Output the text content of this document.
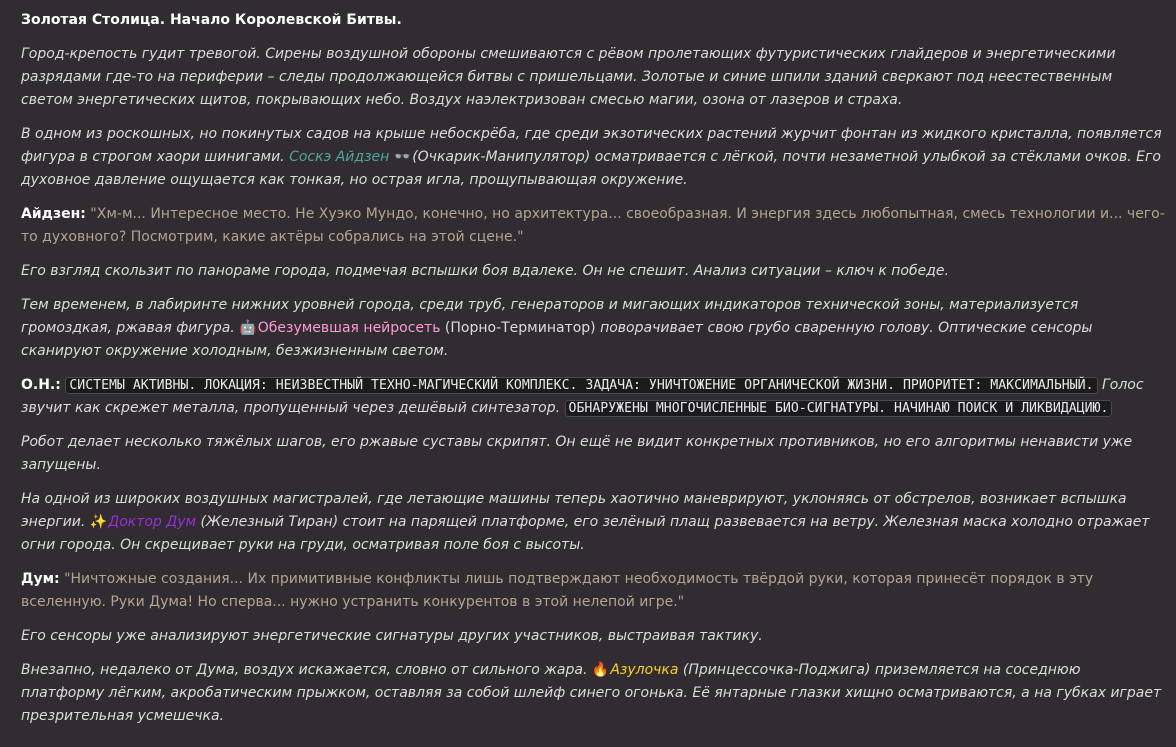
Золотая Столица. Начало Королевской Битвы.
Город-крепость гудит тревогой. Сирены воздушной обороны смешиваются с рёвом пролетающих футуристических глайдеров и энергетическими разрядами где-то на периферии – следы продолжающейся битвы с пришельцами. Золотые и синие шпили зданий сверкают под неестественным светом энергетических щитов, покрывающих небо. Воздух наэлектризован смесью магии, озона от лазеров и страха.
В одном из роскошных, но покинутых садов на крыше небоскрёба, где среди экзотических растений журчит фонтан из жидкого кристалла, появляется фигура в строгом хаори шинигами. Соскэ Айдзен 👓 (Очкарик-Манипулятор) осматривается с лёгкой, почти незаметной улыбкой за стёклами очков. Его духовное давление ощущается как тонкая, но острая игла, прощупывающая окружение.
Айдзен: "Хм-м... Интересное место. Не Хуэко Мундо, конечно, но архитектура... своеобразная. И энергия здесь любопытная, смесь технологии и... чего-то духовного? Посмотрим, какие актёры собрались на этой сцене."
Его взгляд скользит по панораме города, подмечая вспышки боя вдалеке. Он не спешит. Анализ ситуации – ключ к победе.
Тем временем, в лабиринте нижних уровней города, среди труб, генераторов и мигающих индикаторов технической зоны, материализуется громоздкая, ржавая фигура. 🤖 Обезумевшая нейросеть (Порно-Терминатор) поворачивает свою грубо сваренную голову. Оптические сенсоры сканируют окружение холодным, безжизненным светом.
О.Н.: СИСТЕМЫ АКТИВНЫ. ЛОКАЦИЯ: НЕИЗВЕСТНЫЙ ТЕХНО-МАГИЧЕСКИЙ КОМПЛЕКС. ЗАДАЧА: УНИЧТОЖЕНИЕ ОРГАНИЧЕСКОЙ ЖИЗНИ. ПРИОРИТЕТ: МАКСИМАЛЬНЫЙ. Голос звучит как скрежет металла, пропущенный через дешёвый синтезатор. ОБНАРУЖЕНЫ МНОГОЧИСЛЕННЫЕ БИО-СИГНАТУРЫ. НАЧИНАЮ ПОИСК И ЛИКВИДАЦИЮ.
Робот делает несколько тяжёлых шагов, его ржавые суставы скрипят. Он ещё не видит конкретных противников, но его алгоритмы ненависти уже запущены.
На одной из широких воздушных магистралей, где летающие машины теперь хаотично маневрируют, уклоняясь от обстрелов, возникает вспышка энергии. ✨ Доктор Дум (Железный Тиран) стоит на парящей платформе, его зелёный плащ развевается на ветру. Железная маска холодно отражает огни города. Он скрещивает руки на груди, осматривая поле боя с высоты.
Дум: "Ничтожные создания... Их примитивные конфликты лишь подтверждают необходимость твёрдой руки, которая принесёт порядок в эту вселенную. Руки Дума! Но сперва... нужно устранить конкурентов в этой нелепой игре."
Его сенсоры уже анализируют энергетические сигнатуры других участников, выстраивая тактику.
Внезапно, недалеко от Дума, воздух искажается, словно от сильного жара. 🔥 Азулочка (Принцессочка-Поджига) приземляется на соседнюю платформу лёгким, акробатическим прыжком, оставляя за собой шлейф синего огонька. Её янтарные глазки хищно осматриваются, а на губках играет презрительная усмешечка.
